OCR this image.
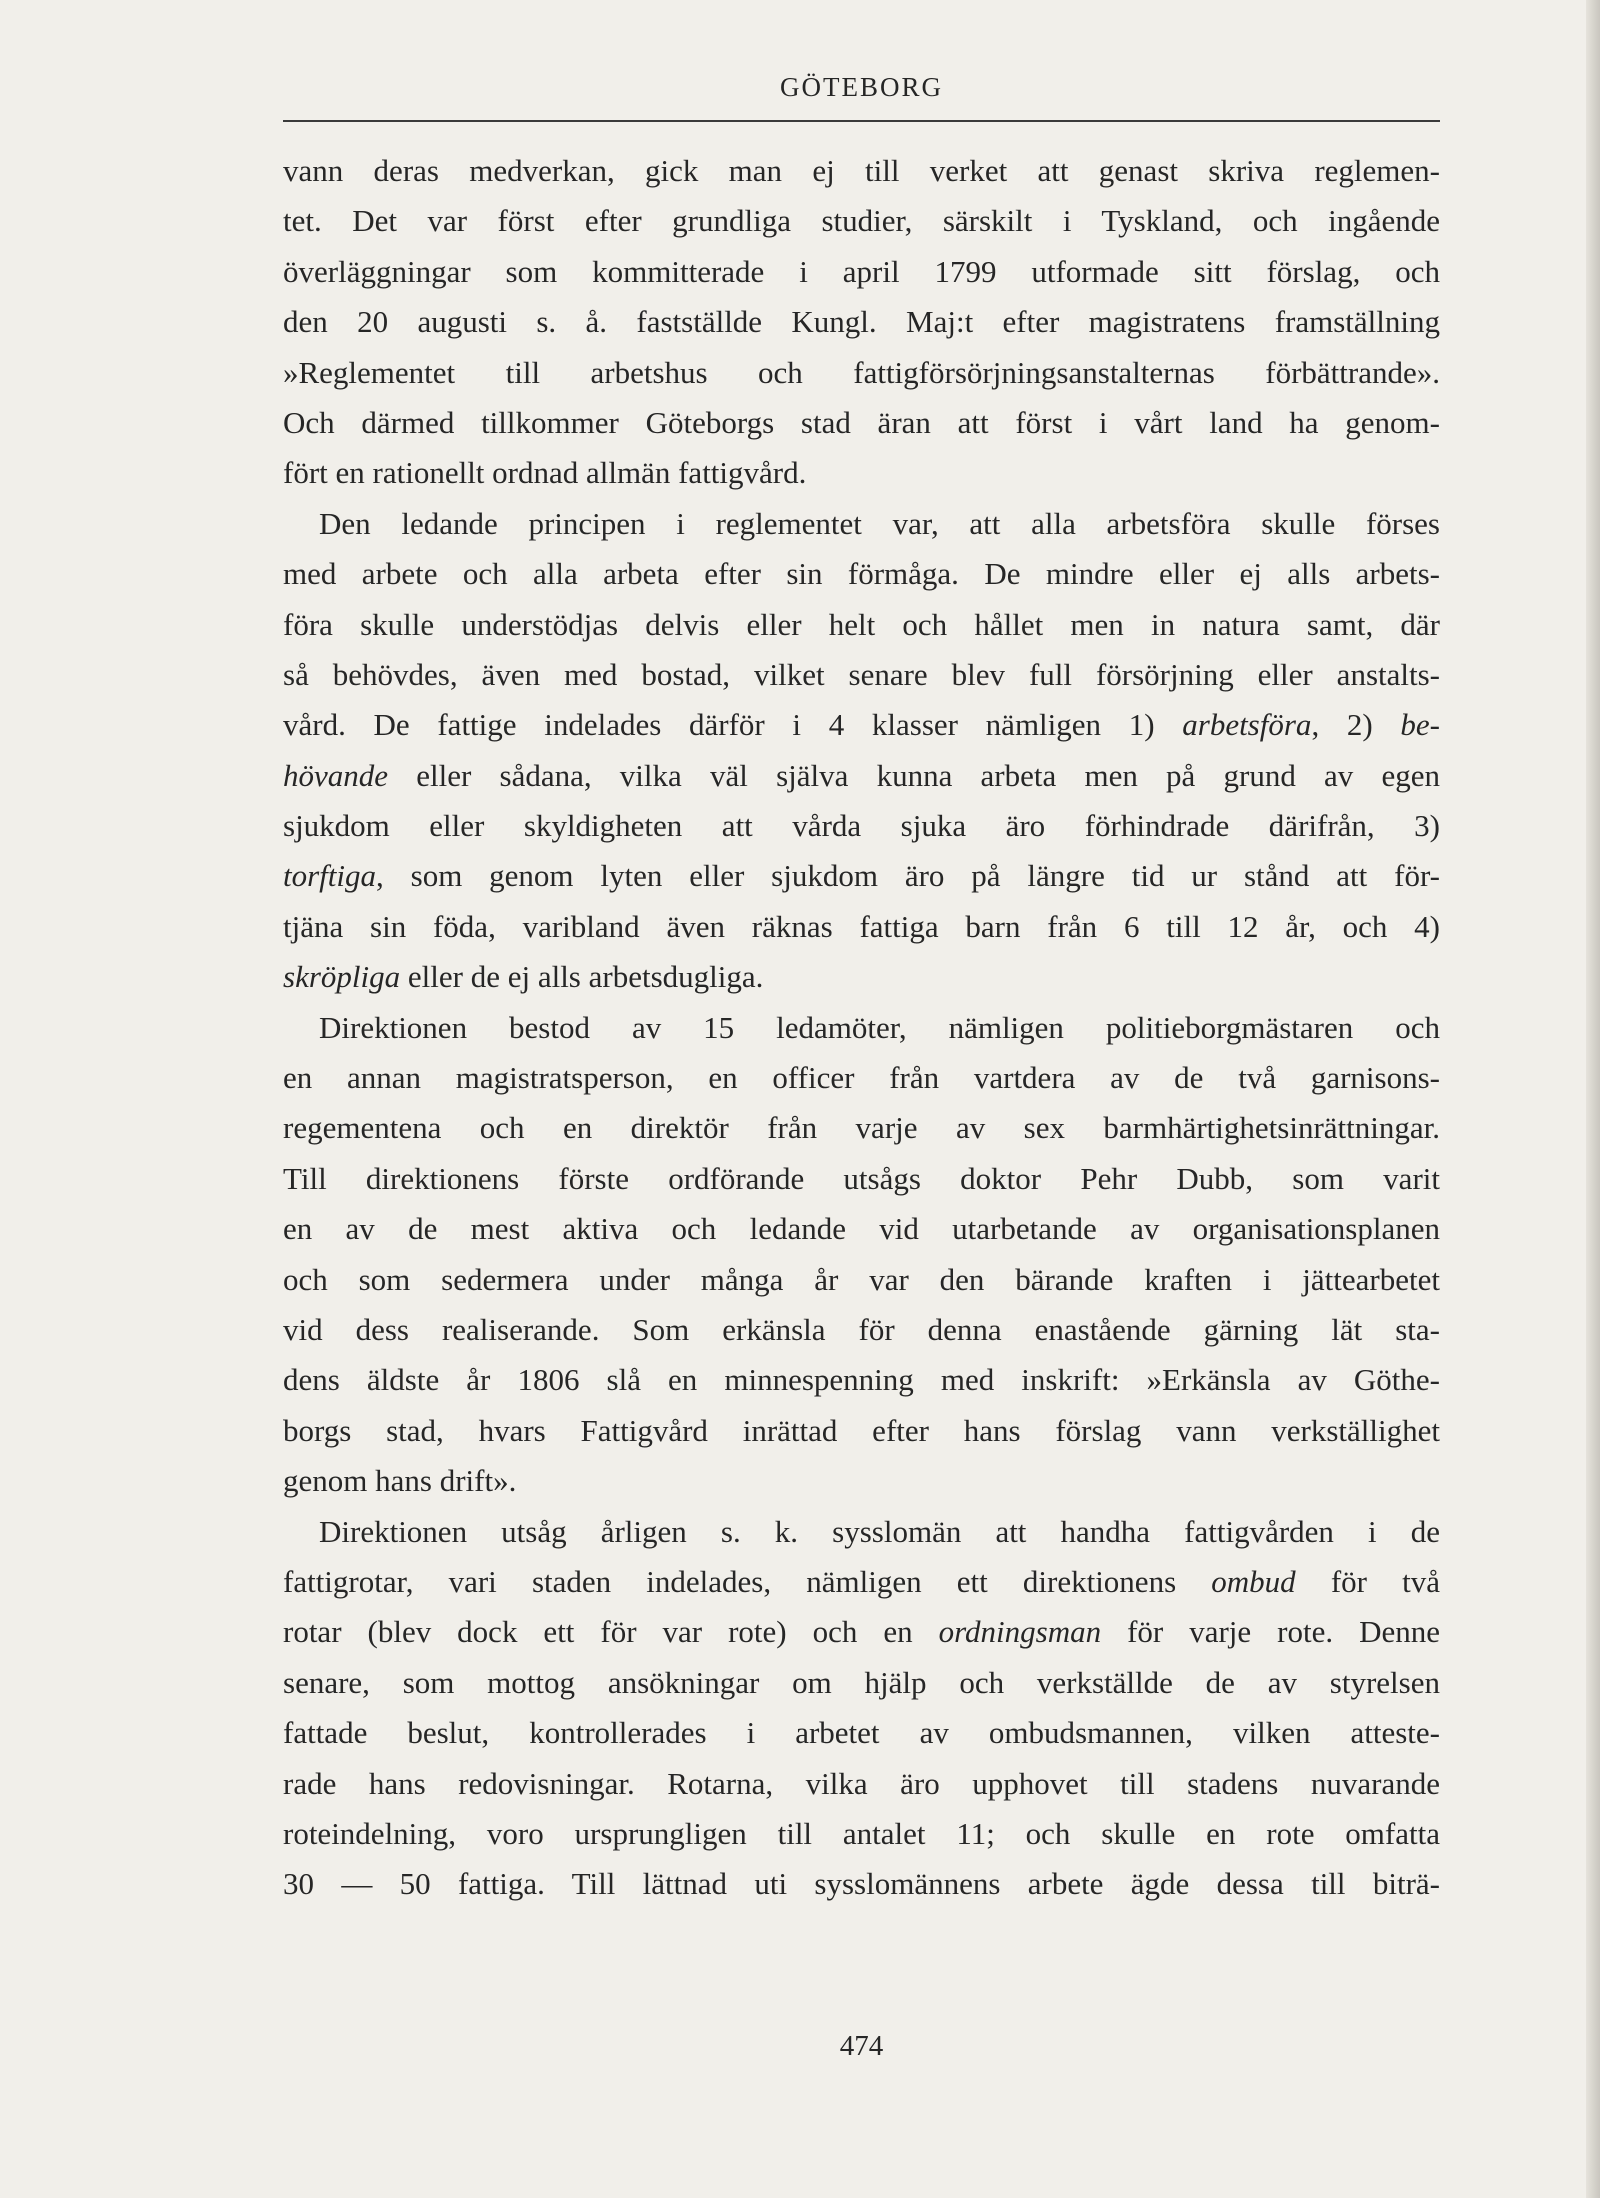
GÖTEBORG
vann deras medverkan, gick man ej till verket att genast skriva reglemen-
tet. Det var först efter grundliga studier, särskilt i Tyskland, och ingående
överläggningar som kommitterade i april 1799 utformade sitt förslag, och
den 20 augusti s. å. fastställde Kungl. Maj:t efter magistratens framställning
»Reglementet till arbetshus och fattigförsörjningsanstalternas förbättrande».
Och därmed tillkommer Göteborgs stad äran att först i vårt land ha genom-
fört en rationellt ordnad allmän fattigvård.
Den ledande principen i reglementet var, att alla arbetsföra skulle förses
med arbete och alla arbeta efter sin förmåga. De mindre eller ej alls arbets-
föra skulle understödjas delvis eller helt och hållet men in natura samt, där
så behövdes, även med bostad, vilket senare blev full försörjning eller anstalts-
vård. De fattige indelades därför i 4 klasser nämligen 1) arbetsföra, 2) be-
hövande eller sådana, vilka väl själva kunna arbeta men på grund av egen
sjukdom eller skyldigheten att vårda sjuka äro förhindrade därifrån, 3)
torftiga, som genom lyten eller sjukdom äro på längre tid ur stånd att för-
tjäna sin föda, varibland även räknas fattiga barn från 6 till 12 år, och 4)
skröpliga eller de ej alls arbetsdugliga.
Direktionen bestod av 15 ledamöter, nämligen politieborgmästaren och
en annan magistratsperson, en officer från vartdera av de två garnisons-
regementena och en direktör från varje av sex barmhärtighetsinrättningar.
Till direktionens förste ordförande utsågs doktor Pehr Dubb, som varit
en av de mest aktiva och ledande vid utarbetande av organisationsplanen
och som sedermera under många år var den bärande kraften i jättearbetet
vid dess realiserande. Som erkänsla för denna enastående gärning lät sta-
dens äldste år 1806 slå en minnespenning med inskrift: »Erkänsla av Göthe-
borgs stad, hvars Fattigvård inrättad efter hans förslag vann verkställighet
genom hans drift».
Direktionen utsåg årligen s. k. sysslomän att handha fattigvården i de
fattigrotar, vari staden indelades, nämligen ett direktionens ombud för två
rotar (blev dock ett för var rote) och en ordningsman för varje rote. Denne
senare, som mottog ansökningar om hjälp och verkställde de av styrelsen
fattade beslut, kontrollerades i arbetet av ombudsmannen, vilken atteste-
rade hans redovisningar. Rotarna, vilka äro upphovet till stadens nuvarande
roteindelning, voro ursprungligen till antalet 11; och skulle en rote omfatta
30 — 50 fattiga. Till lättnad uti sysslomännens arbete ägde dessa till biträ-
474
